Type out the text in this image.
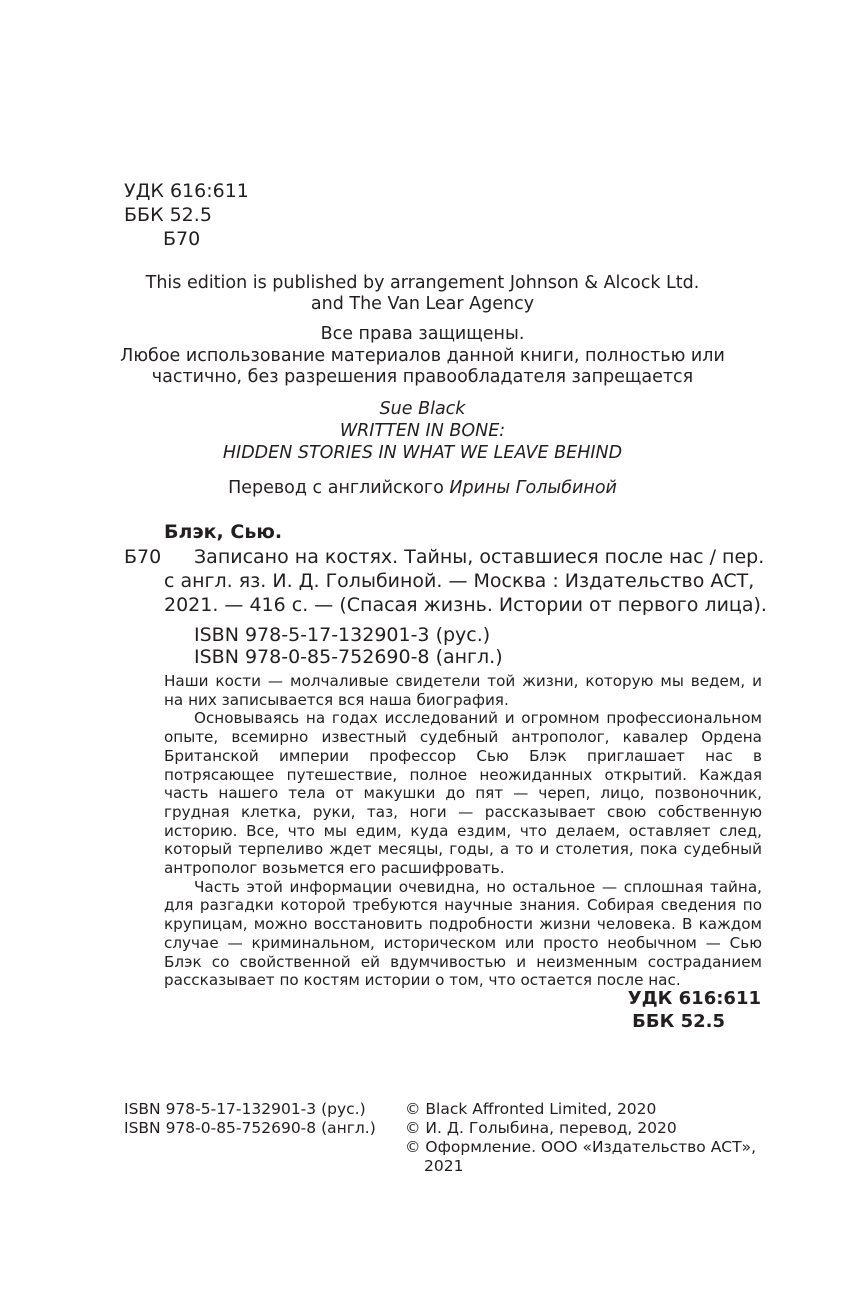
УДК 616:611
ББК 52.5
Б70
This edition is published by arrangement Johnson & Alcock Ltd.
and The Van Lear Agency
Все права защищены.
Любое использование материалов данной книги, полностью или
частично, без разрешения правообладателя запрещается
Sue Black
WRITTEN IN BONE:
HIDDEN STORIES IN WHAT WE LEAVE BEHIND
Перевод с английского Ирины Голыбиной
Блэк, Сью.
Б70 Записано на костях. Тайны, оставшиеся после нас / пер.
с англ. яз. И. Д. Голыбиной. — Москва : Издательство АСТ,
2021. — 416 с. — (Спасая жизнь. Истории от первого лица).
ISBN 978-5-17-132901-3 (рус.)
ISBN 978-0-85-752690-8 (англ.)

Наши кости — молчаливые свидетели той жизни, которую мы ведем, и на них записывается вся наша биография.

Основываясь на годах исследований и огромном профессиональном опыте, всемирно известный судебный антрополог, кавалер Ордена Британской империи профессор Сью Блэк приглашает нас в потрясающее путешествие, полное неожиданных открытий. Каждая часть нашего тела от макушки до пят — череп, лицо, позвоночник, грудная клетка, руки, таз, ноги — рассказывает свою собственную историю. Все, что мы едим, куда ездим, что делаем, оставляет след, который терпеливо ждет месяцы, годы, а то и столетия, пока судебный антрополог возьмется его расшифровать.

Часть этой информации очевидна, но остальное — сплошная тайна, для разгадки которой требуются научные знания. Собирая сведения по крупицам, можно восстановить подробности жизни человека. В каждом случае — криминальном, историческом или просто необычном — Сью Блэк со свойственной ей вдумчивостью и неизменным состраданием рассказывает по костям истории о том, что остается после нас.

УДК 616:611
ББК 52.5
ISBN 978-5-17-132901-3 (рус.)
ISBN 978-0-85-752690-8 (англ.)
© Black Affronted Limited, 2020
© И. Д. Голыбина, перевод, 2020
© Оформление. ООО «Издательство АСТ»,
2021
